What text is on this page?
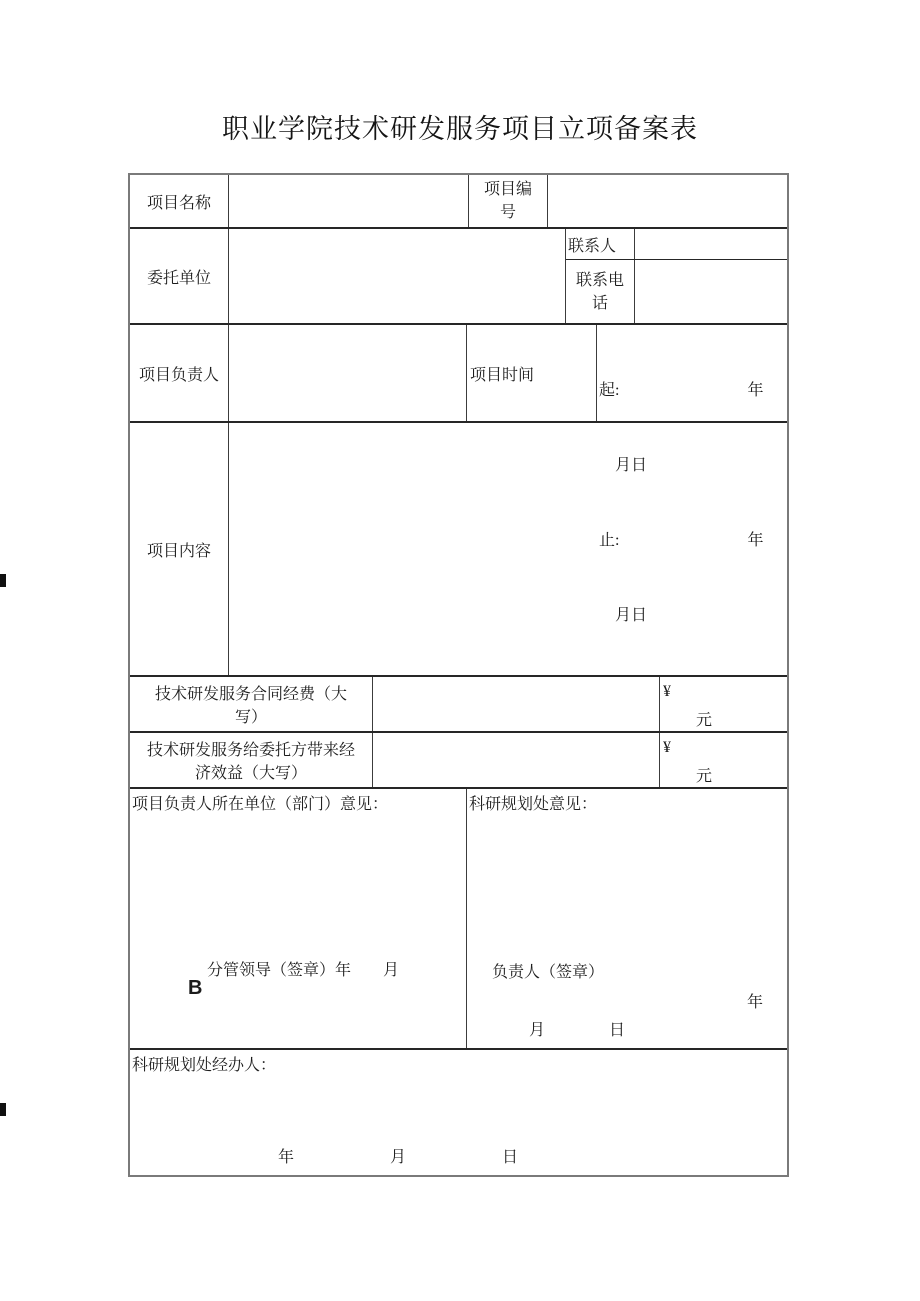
职业学院技术研发服务项目立项备案表
项目名称
项目编号
委托单位
联系人
联系电话
项目负责人	项目时间

起:　　　　　　　　年

　月日

止:　　　　　　　　年

　月日

项目内容
技术研发服务合同经费（大写）
¥
元
技术研发服务给委托方带来经济效益（大写）
¥
元
项目负责人所在单位（部门）意见：
分管领导（签章）年　　月
B
科研规划处意见：
负责人（签章）
年
月　　　　日
科研规划处经办人：
年　　　　　　月　　　　　　日
